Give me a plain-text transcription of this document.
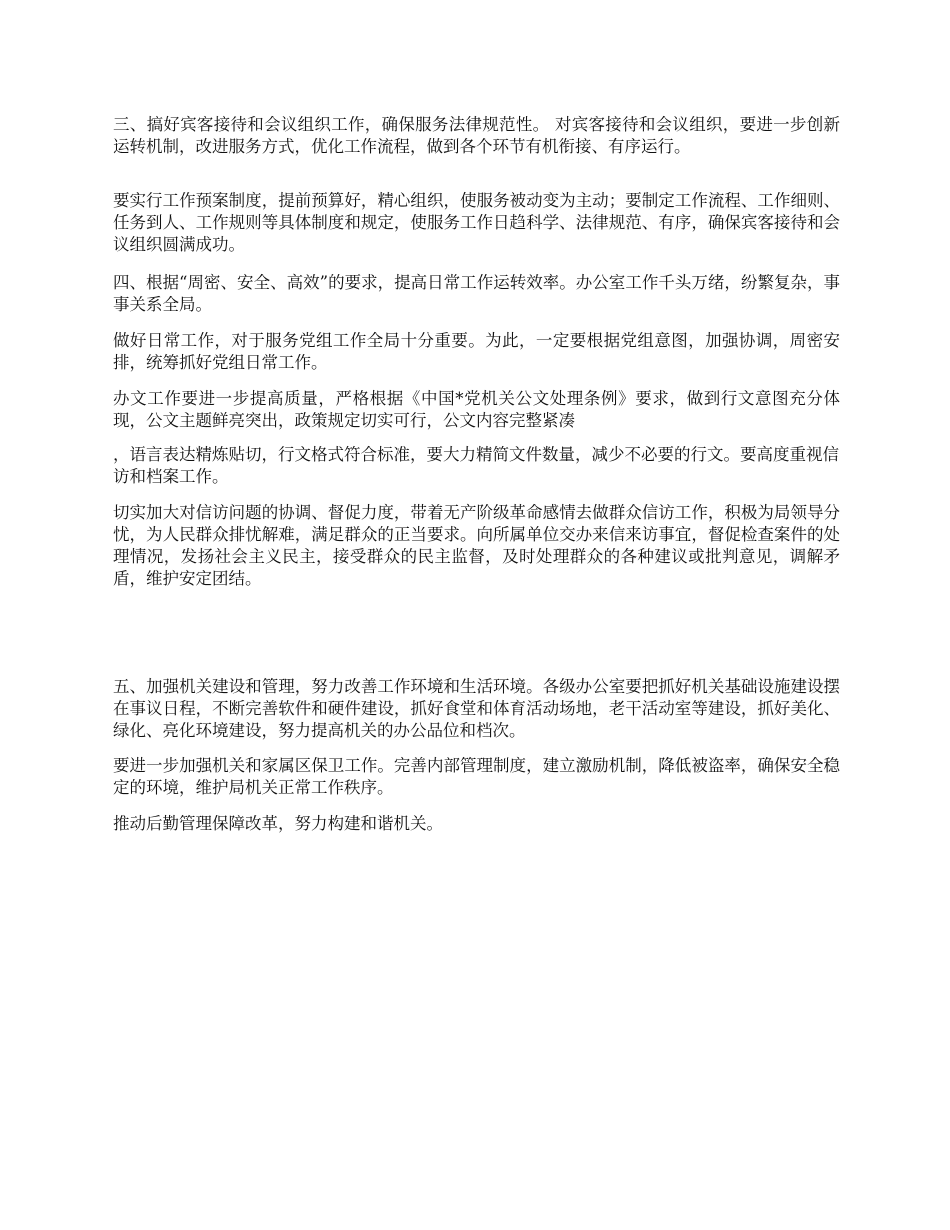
三、搞好宾客接待和会议组织工作，确保服务法律规范性。 对宾客接待和会议组织，要进一步创新运转机制，改进服务方式，优化工作流程，做到各个环节有机衔接、有序运行。

要实行工作预案制度，提前预算好，精心组织，使服务被动变为主动；要制定工作流程、工作细则、任务到人、工作规则等具体制度和规定，使服务工作日趋科学、法律规范、有序，确保宾客接待和会议组织圆满成功。

四、根据“周密、安全、高效”的要求，提高日常工作运转效率。办公室工作千头万绪，纷繁复杂，事事关系全局。

做好日常工作，对于服务党组工作全局十分重要。为此，一定要根据党组意图，加强协调，周密安排，统筹抓好党组日常工作。

办文工作要进一步提高质量，严格根据《中国*党机关公文处理条例》要求，做到行文意图充分体现，公文主题鲜亮突出，政策规定切实可行，公文内容完整紧凑

，语言表达精炼贴切，行文格式符合标准，要大力精简文件数量，减少不必要的行文。要高度重视信访和档案工作。

切实加大对信访问题的协调、督促力度，带着无产阶级革命感情去做群众信访工作，积极为局领导分忧，为人民群众排忧解难，满足群众的正当要求。向所属单位交办来信来访事宜，督促检查案件的处理情况，发扬社会主义民主，接受群众的民主监督，及时处理群众的各种建议或批判意见，调解矛盾，维护安定团结。

五、加强机关建设和管理，努力改善工作环境和生活环境。各级办公室要把抓好机关基础设施建设摆在事议日程，不断完善软件和硬件建设，抓好食堂和体育活动场地，老干活动室等建设，抓好美化、绿化、亮化环境建设，努力提高机关的办公品位和档次。

要进一步加强机关和家属区保卫工作。完善内部管理制度，建立激励机制，降低被盗率，确保安全稳定的环境，维护局机关正常工作秩序。

推动后勤管理保障改革，努力构建和谐机关。
